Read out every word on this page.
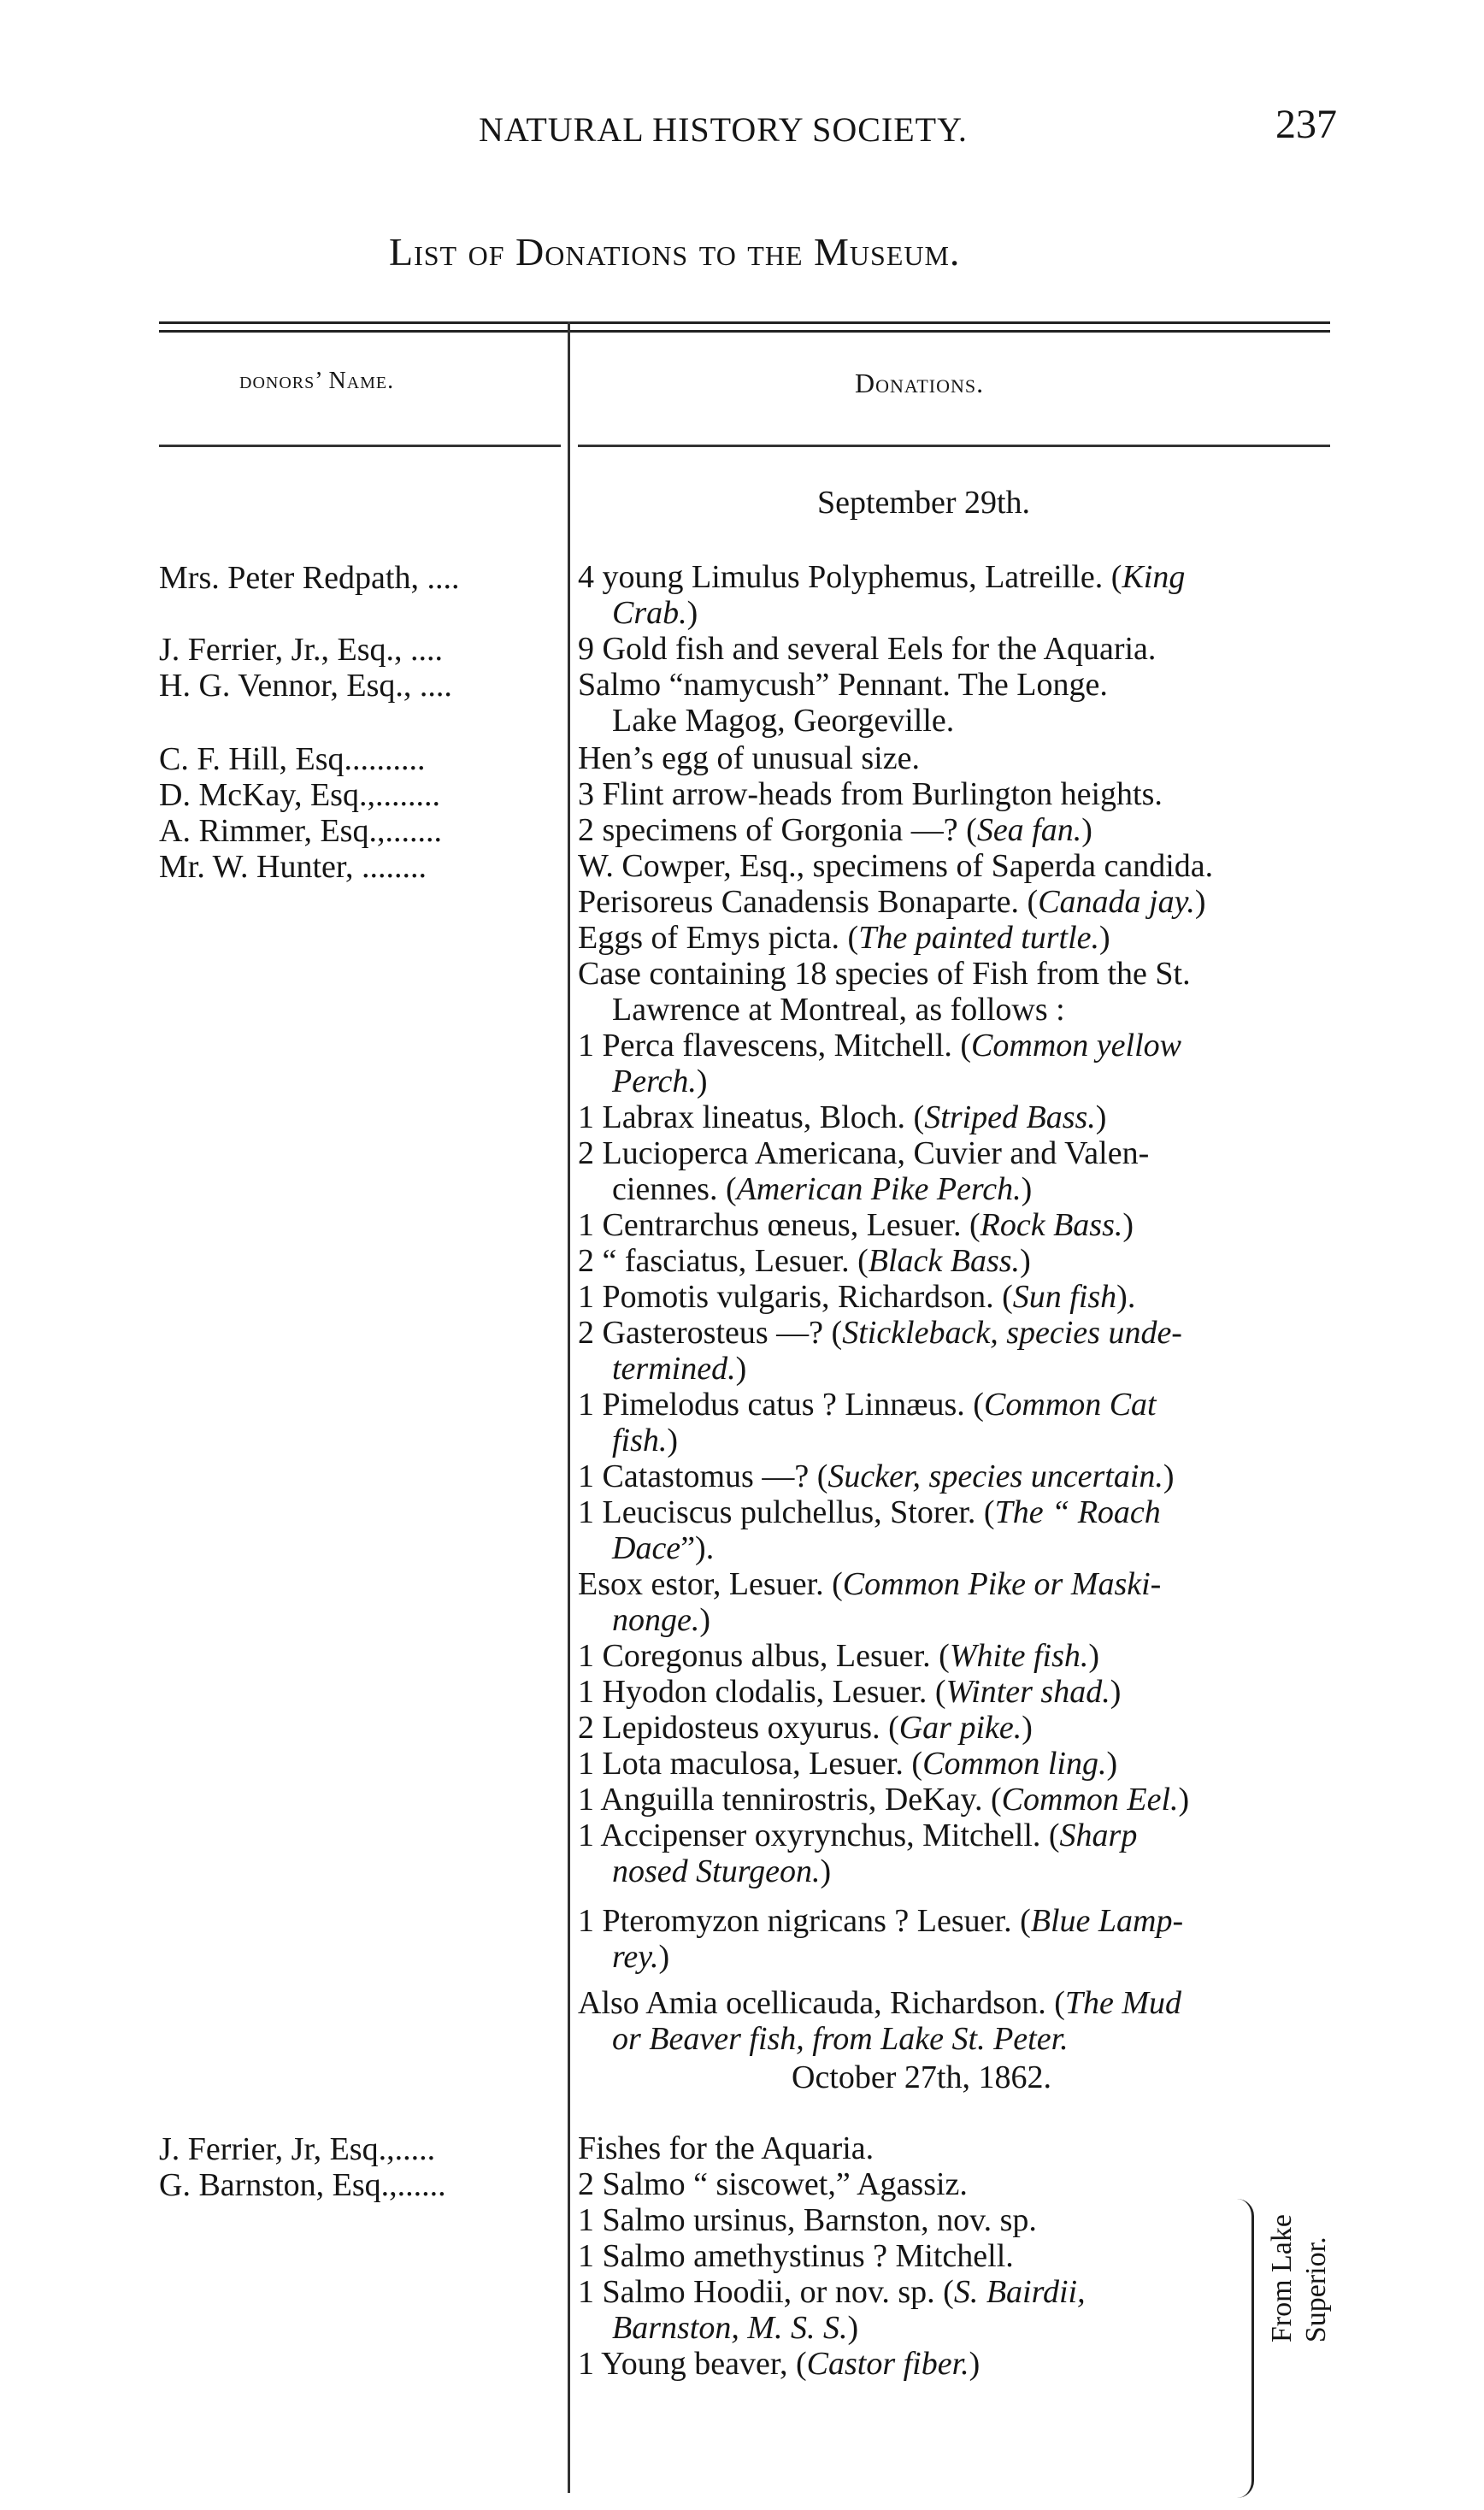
NATURAL HISTORY SOCIETY.	237
List of Donations to the Museum.
donors’ Name.	Donations.
September 29th.
October 27th, 1862.
Mrs. Peter Redpath, ....
J. Ferrier, Jr., Esq., ....
H. G. Vennor, Esq., ....
C. F. Hill, Esq..........
D. McKay, Esq.,........
A. Rimmer, Esq.,.......
Mr. W. Hunter, ........
J. Ferrier, Jr, Esq.,.....
G. Barnston, Esq.,......
4 young Limulus Polyphemus, Latreille. (King
Crab.)
9 Gold fish and several Eels for the Aquaria.
Salmo “namycush” Pennant. The Longe.
Lake Magog, Georgeville.
Hen’s egg of unusual size.
3 Flint arrow-heads from Burlington heights.
2 specimens of Gorgonia —? (Sea fan.)
W. Cowper, Esq., specimens of Saperda candida.
Perisoreus Canadensis Bonaparte. (Canada jay.)
Eggs of Emys picta. (The painted turtle.)
Case containing 18 species of Fish from the St.
Lawrence at Montreal, as follows :
1 Perca flavescens, Mitchell. (Common yellow
Perch.)
1 Labrax lineatus, Bloch. (Striped Bass.)
2 Lucioperca Americana, Cuvier and Valen-
ciennes. (American Pike Perch.)
1 Centrarchus œneus, Lesuer. (Rock Bass.)
2 “ fasciatus, Lesuer. (Black Bass.)
1 Pomotis vulgaris, Richardson. (Sun fish).
2 Gasterosteus —? (Stickleback, species unde-
termined.)
1 Pimelodus catus ? Linnæus. (Common Cat
fish.)
1 Catastomus —? (Sucker, species uncertain.)
1 Leuciscus pulchellus, Storer. (The “ Roach
Dace”).
Esox estor, Lesuer. (Common Pike or Maski-
nonge.)
1 Coregonus albus, Lesuer. (White fish.)
1 Hyodon clodalis, Lesuer. (Winter shad.)
2 Lepidosteus oxyurus. (Gar pike.)
1 Lota maculosa, Lesuer. (Common ling.)
1 Anguilla tennirostris, DeKay. (Common Eel.)
1 Accipenser oxyrynchus, Mitchell. (Sharp
nosed Sturgeon.)
1 Pteromyzon nigricans ? Lesuer. (Blue Lamp-
rey.)
Also Amia ocellicauda, Richardson. (The Mud
or Beaver fish, from Lake St. Peter.
Fishes for the Aquaria.
2 Salmo “ siscowet,” Agassiz.
1 Salmo ursinus, Barnston, nov. sp.
1 Salmo amethystinus ? Mitchell.
1 Salmo Hoodii, or nov. sp. (S. Bairdii,
Barnston, M. S. S.)
1 Young beaver, (Castor fiber.)
From Lake
Superior.
